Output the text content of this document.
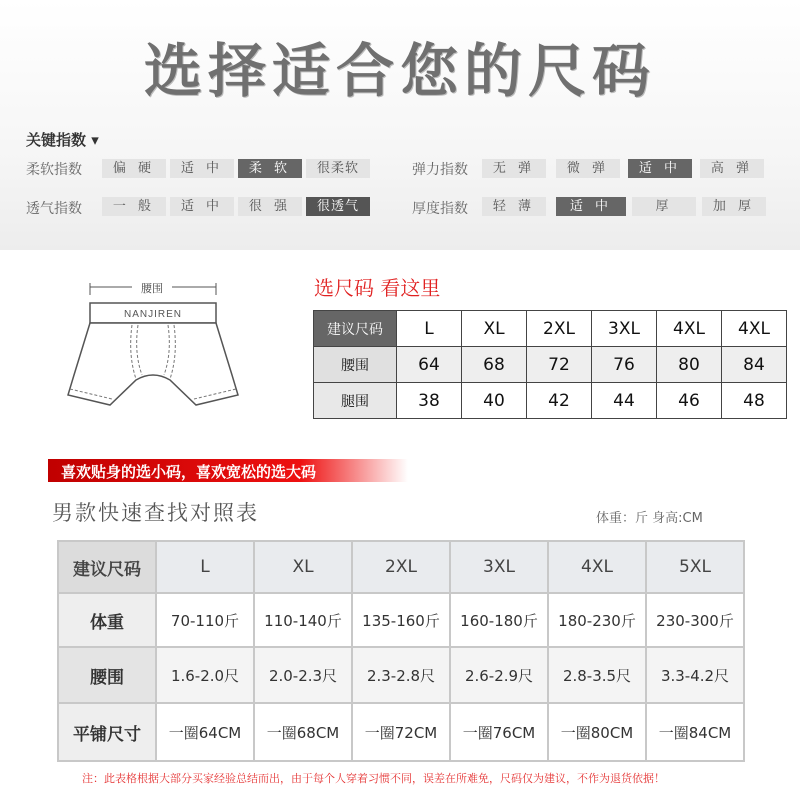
选择适合您的尺码
关键指数 ▾
柔软指数	偏 硬	适 中	柔 软	很柔软	弹力指数	无 弹	微 弹	适 中	高 弹
透气指数	一 般	适 中	很 强	很透气	厚度指数	轻 薄	适 中	厚	加 厚
腰围
NANJIREN
选尺码 看这里
建议尺码	L	XL	2XL	3XL	4XL	4XL
腰围	64	68	72	76	80	84
腿围	38	40	42	44	46	48
喜欢贴身的选小码，喜欢宽松的选大码
男款快速查找对照表	体重：斤 身高:CM
建议尺码	L	XL	2XL	3XL	4XL	5XL
体重	70-110斤	110-140斤	135-160斤	160-180斤	180-230斤	230-300斤
腰围	1.6-2.0尺	2.0-2.3尺	2.3-2.8尺	2.6-2.9尺	2.8-3.5尺	3.3-4.2尺
平铺尺寸	一圈64CM	一圈68CM	一圈72CM	一圈76CM	一圈80CM	一圈84CM
注：此表格根据大部分买家经验总结而出，由于每个人穿着习惯不同，误差在所难免，尺码仅为建议，不作为退货依据！
